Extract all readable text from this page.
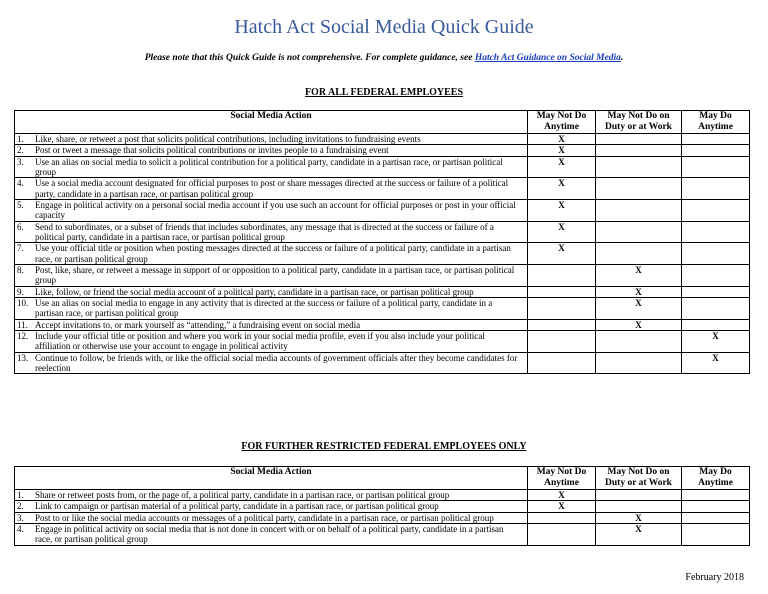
Hatch Act Social Media Quick Guide
Please note that this Quick Guide is not comprehensive. For complete guidance, see Hatch Act Guidance on Social Media.
FOR ALL FEDERAL EMPLOYEES
Social Media Action	May Not Do Anytime	May Not Do on Duty or at Work	May Do Anytime
1. Like, share, or retweet a post that solicits political contributions, including invitations to fundraising events	X		
2. Post or tweet a message that solicits political contributions or invites people to a fundraising event	X		
3. Use an alias on social media to solicit a political contribution for a political party, candidate in a partisan race, or partisan political group	X		
4. Use a social media account designated for official purposes to post or share messages directed at the success or failure of a political party, candidate in a partisan race, or partisan political group	X		
5. Engage in political activity on a personal social media account if you use such an account for official purposes or post in your official capacity	X		
6. Send to subordinates, or a subset of friends that includes subordinates, any message that is directed at the success or failure of a political party, candidate in a partisan race, or partisan political group	X		
7. Use your official title or position when posting messages directed at the success or failure of a political party, candidate in a partisan race, or partisan political group	X		
8. Post, like, share, or retweet a message in support of or opposition to a political party, candidate in a partisan race, or partisan political group		X	
9. Like, follow, or friend the social media account of a political party, candidate in a partisan race, or partisan political group		X	
10. Use an alias on social media to engage in any activity that is directed at the success or failure of a political party, candidate in a partisan race, or partisan political group		X	
11. Accept invitations to, or mark yourself as “attending,” a fundraising event on social media		X	
12. Include your official title or position and where you work in your social media profile, even if you also include your political affiliation or otherwise use your account to engage in political activity			X
13. Continue to follow, be friends with, or like the official social media accounts of government officials after they become candidates for reelection			X
FOR FURTHER RESTRICTED FEDERAL EMPLOYEES ONLY
Social Media Action	May Not Do Anytime	May Not Do on Duty or at Work	May Do Anytime
1. Share or retweet posts from, or the page of, a political party, candidate in a partisan race, or partisan political group	X		
2. Link to campaign or partisan material of a political party, candidate in a partisan race, or partisan political group	X		
3. Post to or like the social media accounts or messages of a political party, candidate in a partisan race, or partisan political group		X	
4. Engage in political activity on social media that is not done in concert with or on behalf of a political party, candidate in a partisan race, or partisan political group		X	
February 2018
